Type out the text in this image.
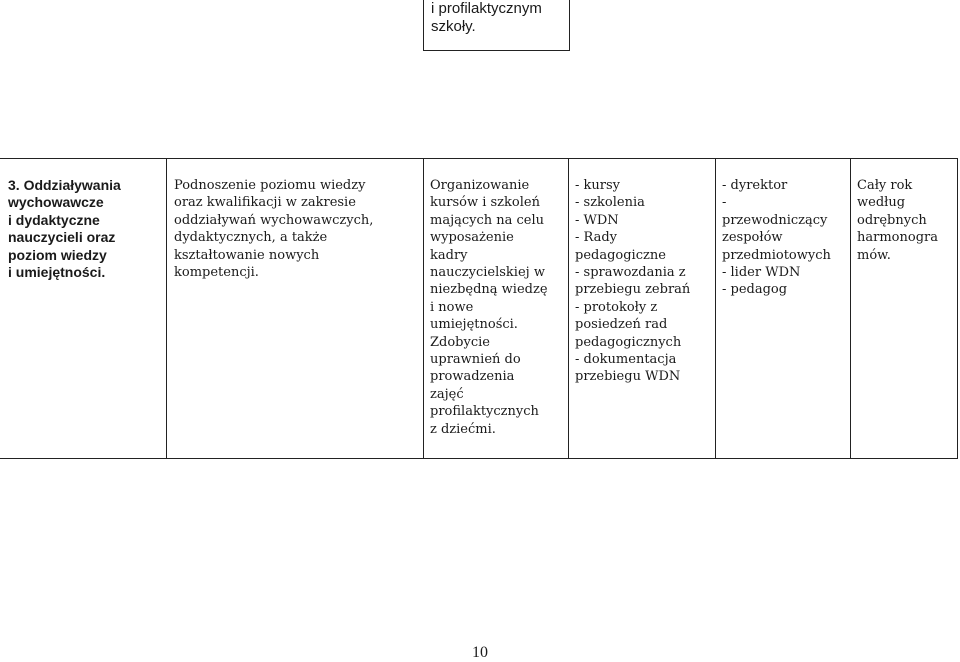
i profilaktycznym szkoły.
3. Oddziaływania
wychowawcze
i dydaktyczne
nauczycieli oraz
poziom wiedzy
i umiejętności.
Podnoszenie poziomu wiedzy
oraz kwalifikacji w zakresie
oddziaływań wychowawczych,
dydaktycznych, a także
kształtowanie nowych
kompetencji.
Organizowanie
kursów i szkoleń
mających na celu
wyposażenie
kadry
nauczycielskiej w
niezbędną wiedzę
i nowe
umiejętności.
Zdobycie
uprawnień do
prowadzenia
zajęć
profilaktycznych
z dziećmi.
- kursy
- szkolenia
- WDN
- Rady
pedagogiczne
- sprawozdania z
przebiegu zebrań
- protokoły z
posiedzeń rad
pedagogicznych
- dokumentacja
przebiegu WDN
- dyrektor
-
przewodniczący
zespołów
przedmiotowych
- lider WDN
- pedagog
Cały rok
według
odrębnych
harmonogra
mów.
10
